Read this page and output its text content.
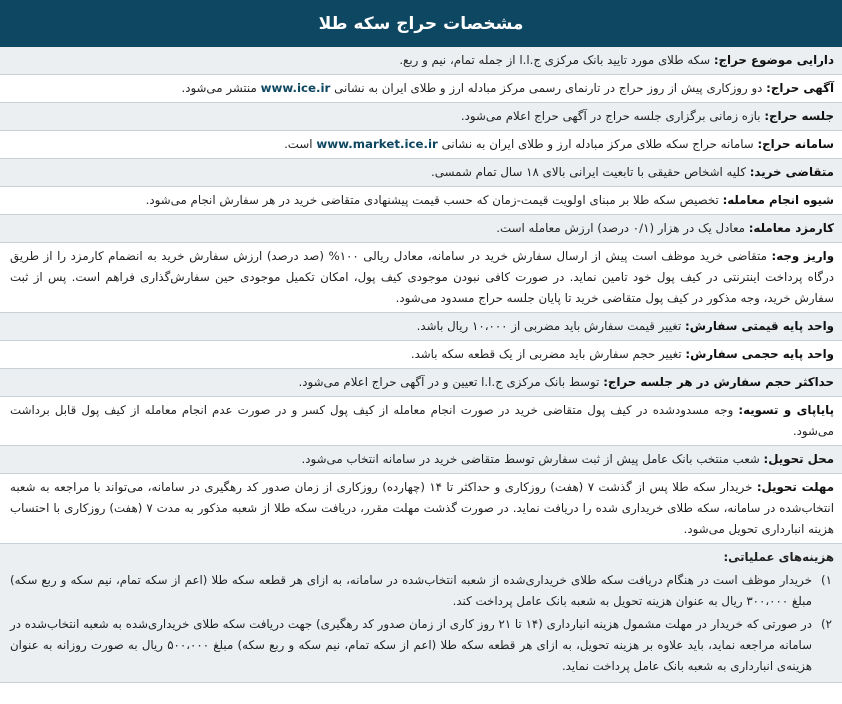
مشخصات حراج سکه طلا
دارایی موضوع حراج: سکه طلای مورد تایید بانک مرکزی ج.ا.ا از جمله تمام، نیم و ربع.
آگهی حراج: دو روزکاری پیش از روز حراج در تارنمای رسمی مرکز مبادله ارز و طلای ایران به نشانی www.ice.ir منتشر می‌شود.
جلسه حراج: بازه زمانی برگزاری جلسه حراج در آگهی حراج اعلام می‌شود.
سامانه حراج: سامانه حراج سکه طلای مرکز مبادله ارز و طلای ایران به نشانی www.market.ice.ir است.
متقاضی خرید: کلیه اشخاص حقیقی با تابعیت ایرانی بالای ۱۸ سال تمام شمسی.
شیوه انجام معامله: تخصیص سکه طلا بر مبنای اولویت قیمت-زمان که حسب قیمت پیشنهادی متقاضی خرید در هر سفارش انجام می‌شود.
کارمزد معامله: معادل یک در هزار (۰/۱ درصد) ارزش معامله است.
واریز وجه: متقاضی خرید موظف است پیش از ارسال سفارش خرید در سامانه، معادل ریالی ۱۰۰% (صد درصد) ارزش سفارش خرید به انضمام کارمزد را از طریق درگاه پرداخت اینترنتی در کیف پول خود تامین نماید. در صورت کافی نبودن موجودی کیف پول، امکان تکمیل موجودی حین سفارش‌گذاری فراهم است. پس از ثبت سفارش خرید، وجه مذکور در کیف پول متقاضی خرید تا پایان جلسه حراج مسدود می‌شود.
واحد پایه قیمتی سفارش: تغییر قیمت سفارش باید مضربی از ۱۰،۰۰۰ ریال باشد.
واحد پایه حجمی سفارش: تغییر حجم سفارش باید مضربی از یک قطعه سکه باشد.
حداکثر حجم سفارش در هر جلسه حراج: توسط بانک مرکزی ج.ا.ا تعیین و در آگهی حراج اعلام می‌شود.
پایاپای و تسویه: وجه مسدودشده در کیف پول متقاضی خرید در صورت انجام معامله از کیف پول کسر و در صورت عدم انجام معامله از کیف پول قابل برداشت می‌شود.
محل تحویل: شعب منتخب بانک عامل پیش از ثبت سفارش توسط متقاضی خرید در سامانه انتخاب می‌شود.
مهلت تحویل: خریدار سکه طلا پس از گذشت ۷ (هفت) روزکاری و حداکثر تا ۱۴ (چهارده) روزکاری از زمان صدور کد رهگیری در سامانه، می‌تواند با مراجعه به شعبه انتخاب‌شده در سامانه، سکه طلای خریداری شده را دریافت نماید. در صورت گذشت مهلت مقرر، دریافت سکه طلا از شعبه مذکور به مدت ۷ (هفت) روزکاری با احتساب هزینه انبارداری تحویل می‌شود.
هزینه‌های عملیاتی:
۱)
خریدار موظف است در هنگام دریافت سکه طلای خریداری‌شده از شعبه انتخاب‌شده در سامانه، به ازای هر قطعه سکه طلا (اعم از سکه تمام، نیم سکه و ربع سکه) مبلغ ۳۰۰،۰۰۰ ریال به عنوان هزینه تحویل به شعبه بانک عامل پرداخت کند.
۲)
در صورتی که خریدار در مهلت مشمول هزینه انبارداری (۱۴ تا ۲۱ روز کاری از زمان صدور کد رهگیری) جهت دریافت سکه طلای خریداری‌شده به شعبه انتخاب‌شده در سامانه مراجعه نماید، باید علاوه بر هزینه تحویل، به ازای هر قطعه سکه طلا (اعم از سکه تمام، نیم سکه و ربع سکه) مبلغ ۵۰۰،۰۰۰ ریال به صورت روزانه به عنوان هزینه‌ی انبارداری به شعبه بانک عامل پرداخت نماید.
